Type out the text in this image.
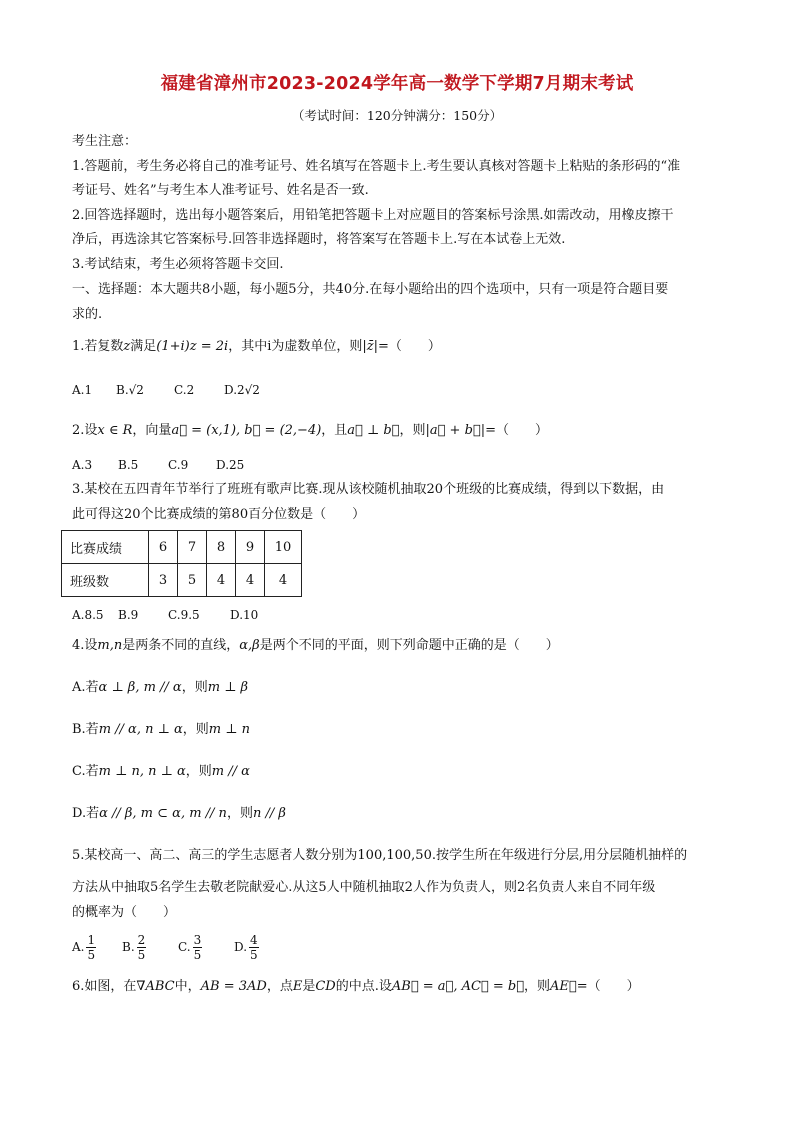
福建省漳州市2023-2024学年高一数学下学期7月期末考试
（考试时间：120分钟满分：150分）
考生注意：
1.答题前，考生务必将自己的准考证号、姓名填写在答题卡上.考生要认真核对答题卡上粘贴的条形码的“准
考证号、姓名”与考生本人准考证号、姓名是否一致.
2.回答选择题时，选出每小题答案后，用铅笔把答题卡上对应题目的答案标号涂黑.如需改动，用橡皮擦干
净后，再选涂其它答案标号.回答非选择题时，将答案写在答题卡上.写在本试卷上无效.
3.考试结束，考生必须将答题卡交回.
一、选择题：本大题共8小题，每小题5分，共40分.在每小题给出的四个选项中，只有一项是符合题目要
求的.
1.若复数z满足(1+i)z = 2i，其中i为虚数单位，则|z̄|=（　　）
A.1 B.√2	C.2 D.2√2
2.设x ∈ R，向量a⃗ = (x,1), b⃗ = (2,−4)，且a⃗ ⊥ b⃗，则|a⃗ + b⃗|=（　　）
A.3 B.5 C.9 D.25
3.某校在五四青年节举行了班班有歌声比赛.现从该校随机抽取20个班级的比赛成绩，得到以下数据，由
此可得这20个比赛成绩的第80百分位数是（　　）
比赛成绩	6	7	8	9	10
班级数	3	5	4	4	4
A.8.5 B.9 C.9.5	D.10
4.设m,n是两条不同的直线，α,β是两个不同的平面，则下列命题中正确的是（　　）
A.若α ⊥ β, m // α，则m ⊥ β
B.若m // α, n ⊥ α，则m ⊥ n
C.若m ⊥ n, n ⊥ α，则m // α
D.若α // β, m ⊂ α, m // n，则n // β
5.某校高一、高二、高三的学生志愿者人数分别为100,100,50.按学生所在年级进行分层,用分层随机抽样的
方法从中抽取5名学生去敬老院献爱心.从这5人中随机抽取2人作为负责人，则2名负责人来自不同年级
的概率为（　　）
A. $\frac{1}{5} B$. $\frac{2}{5}$	C. $\frac{3}{5}$	D. $\frac{4}{5}$
6.如图，在∇ABC中，AB = 3AD，点E是CD的中点.设AB⃗ = a⃗, AC⃗ = b⃗，则AE⃗=（　　）
